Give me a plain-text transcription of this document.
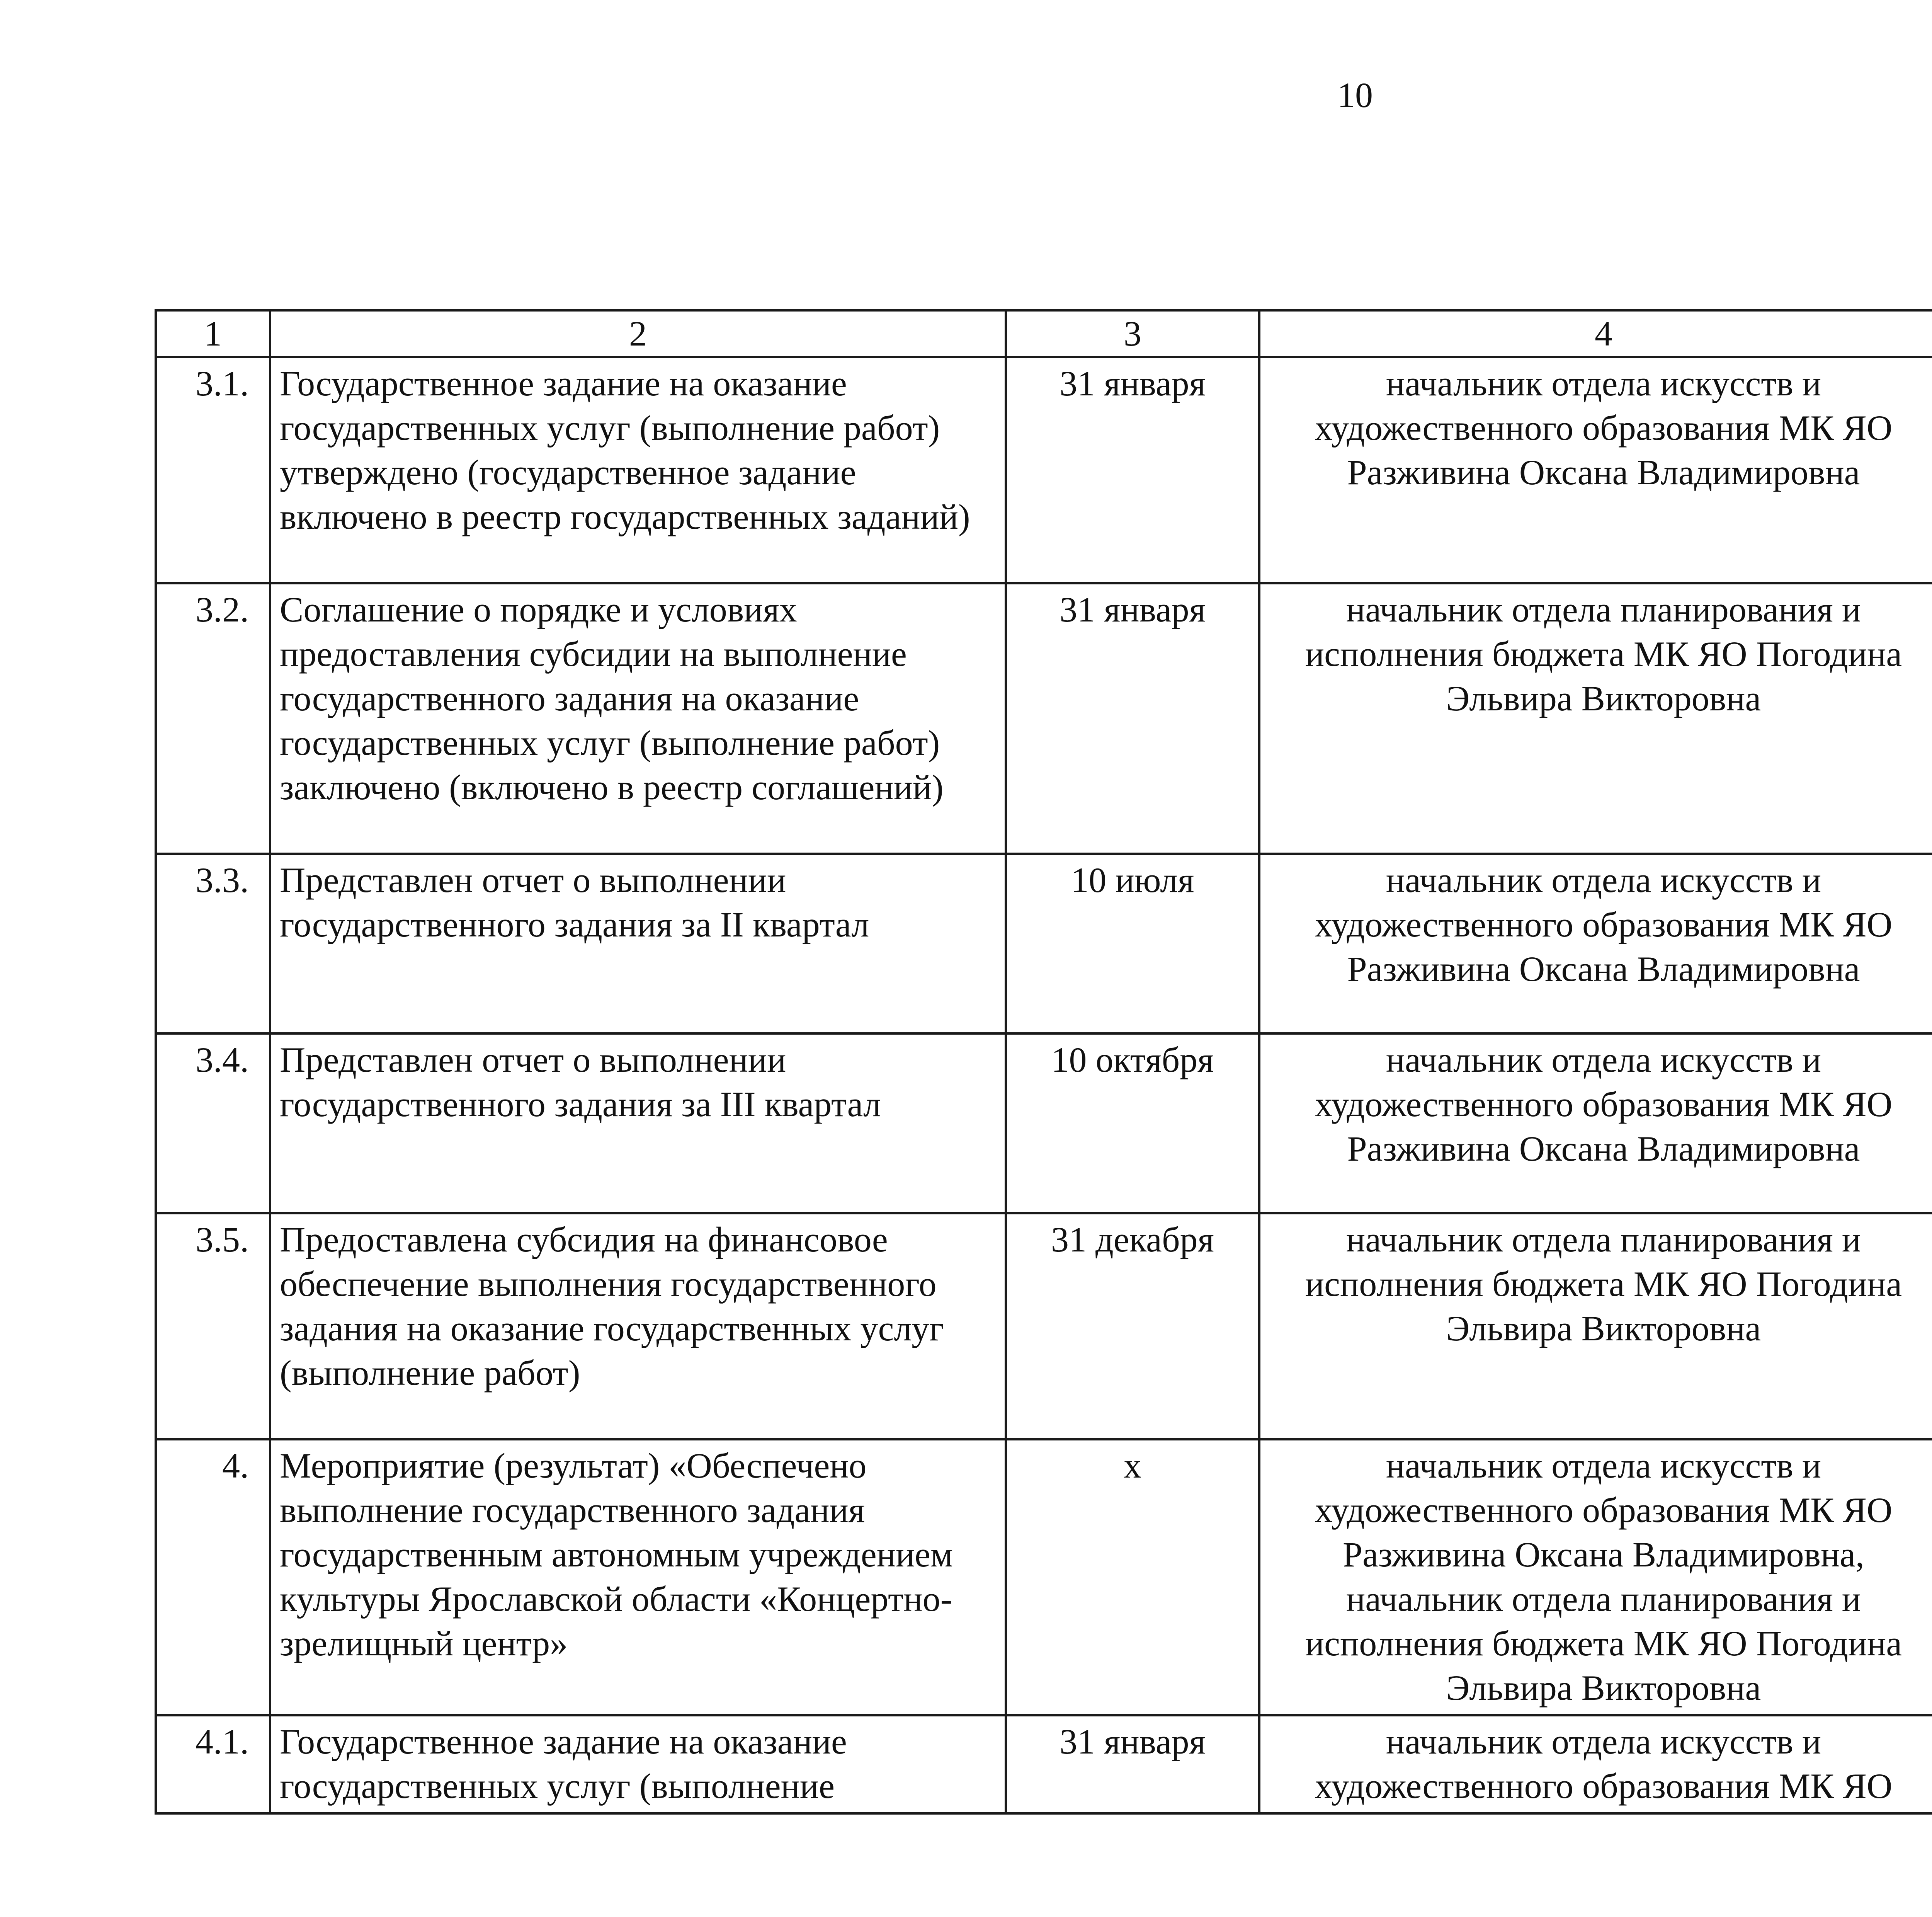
10
1	2	3	4		
3.1.	Государственное задание на оказание государственных услуг (выполнение работ) утверждено (государственное задание включено в реестр государственных заданий)	31 января	начальник отдела искусств и художественного образования МК ЯО Разживина Оксана Владимировна		
3.2.	Соглашение о порядке и условиях предоставления субсидии на выполнение государственного задания на оказание государственных услуг (выполнение работ) заключено (включено в реестр соглашений)	31 января	начальник отдела планирования и исполнения бюджета МК ЯО Погодина Эльвира Викторовна		
3.3.	Представлен отчет о выполнении государственного задания за II квартал	10 июля	начальник отдела искусств и художественного образования МК ЯО Разживина Оксана Владимировна		
3.4.	Представлен отчет о выполнении государственного задания за III квартал	10 октября	начальник отдела искусств и художественного образования МК ЯО Разживина Оксана Владимировна		
3.5.	Предоставлена субсидия на финансовое обеспечение выполнения государственного задания на оказание государственных услуг (выполнение работ)	31 декабря	начальник отдела планирования и исполнения бюджета МК ЯО Погодина Эльвира Викторовна		
4.	Мероприятие (результат) «Обеспечено выполнение государственного задания государственным автономным учреждением культуры Ярославской области «Концертно-зрелищный центр»	х	начальник отдела искусств и художественного образования МК ЯО Разживина Оксана Владимировна, начальник отдела планирования и исполнения бюджета МК ЯО Погодина Эльвира Викторовна		
4.1.	Государственное задание на оказание государственных услуг (выполнение	31 января	начальник отдела искусств и художественного образования МК ЯО		
